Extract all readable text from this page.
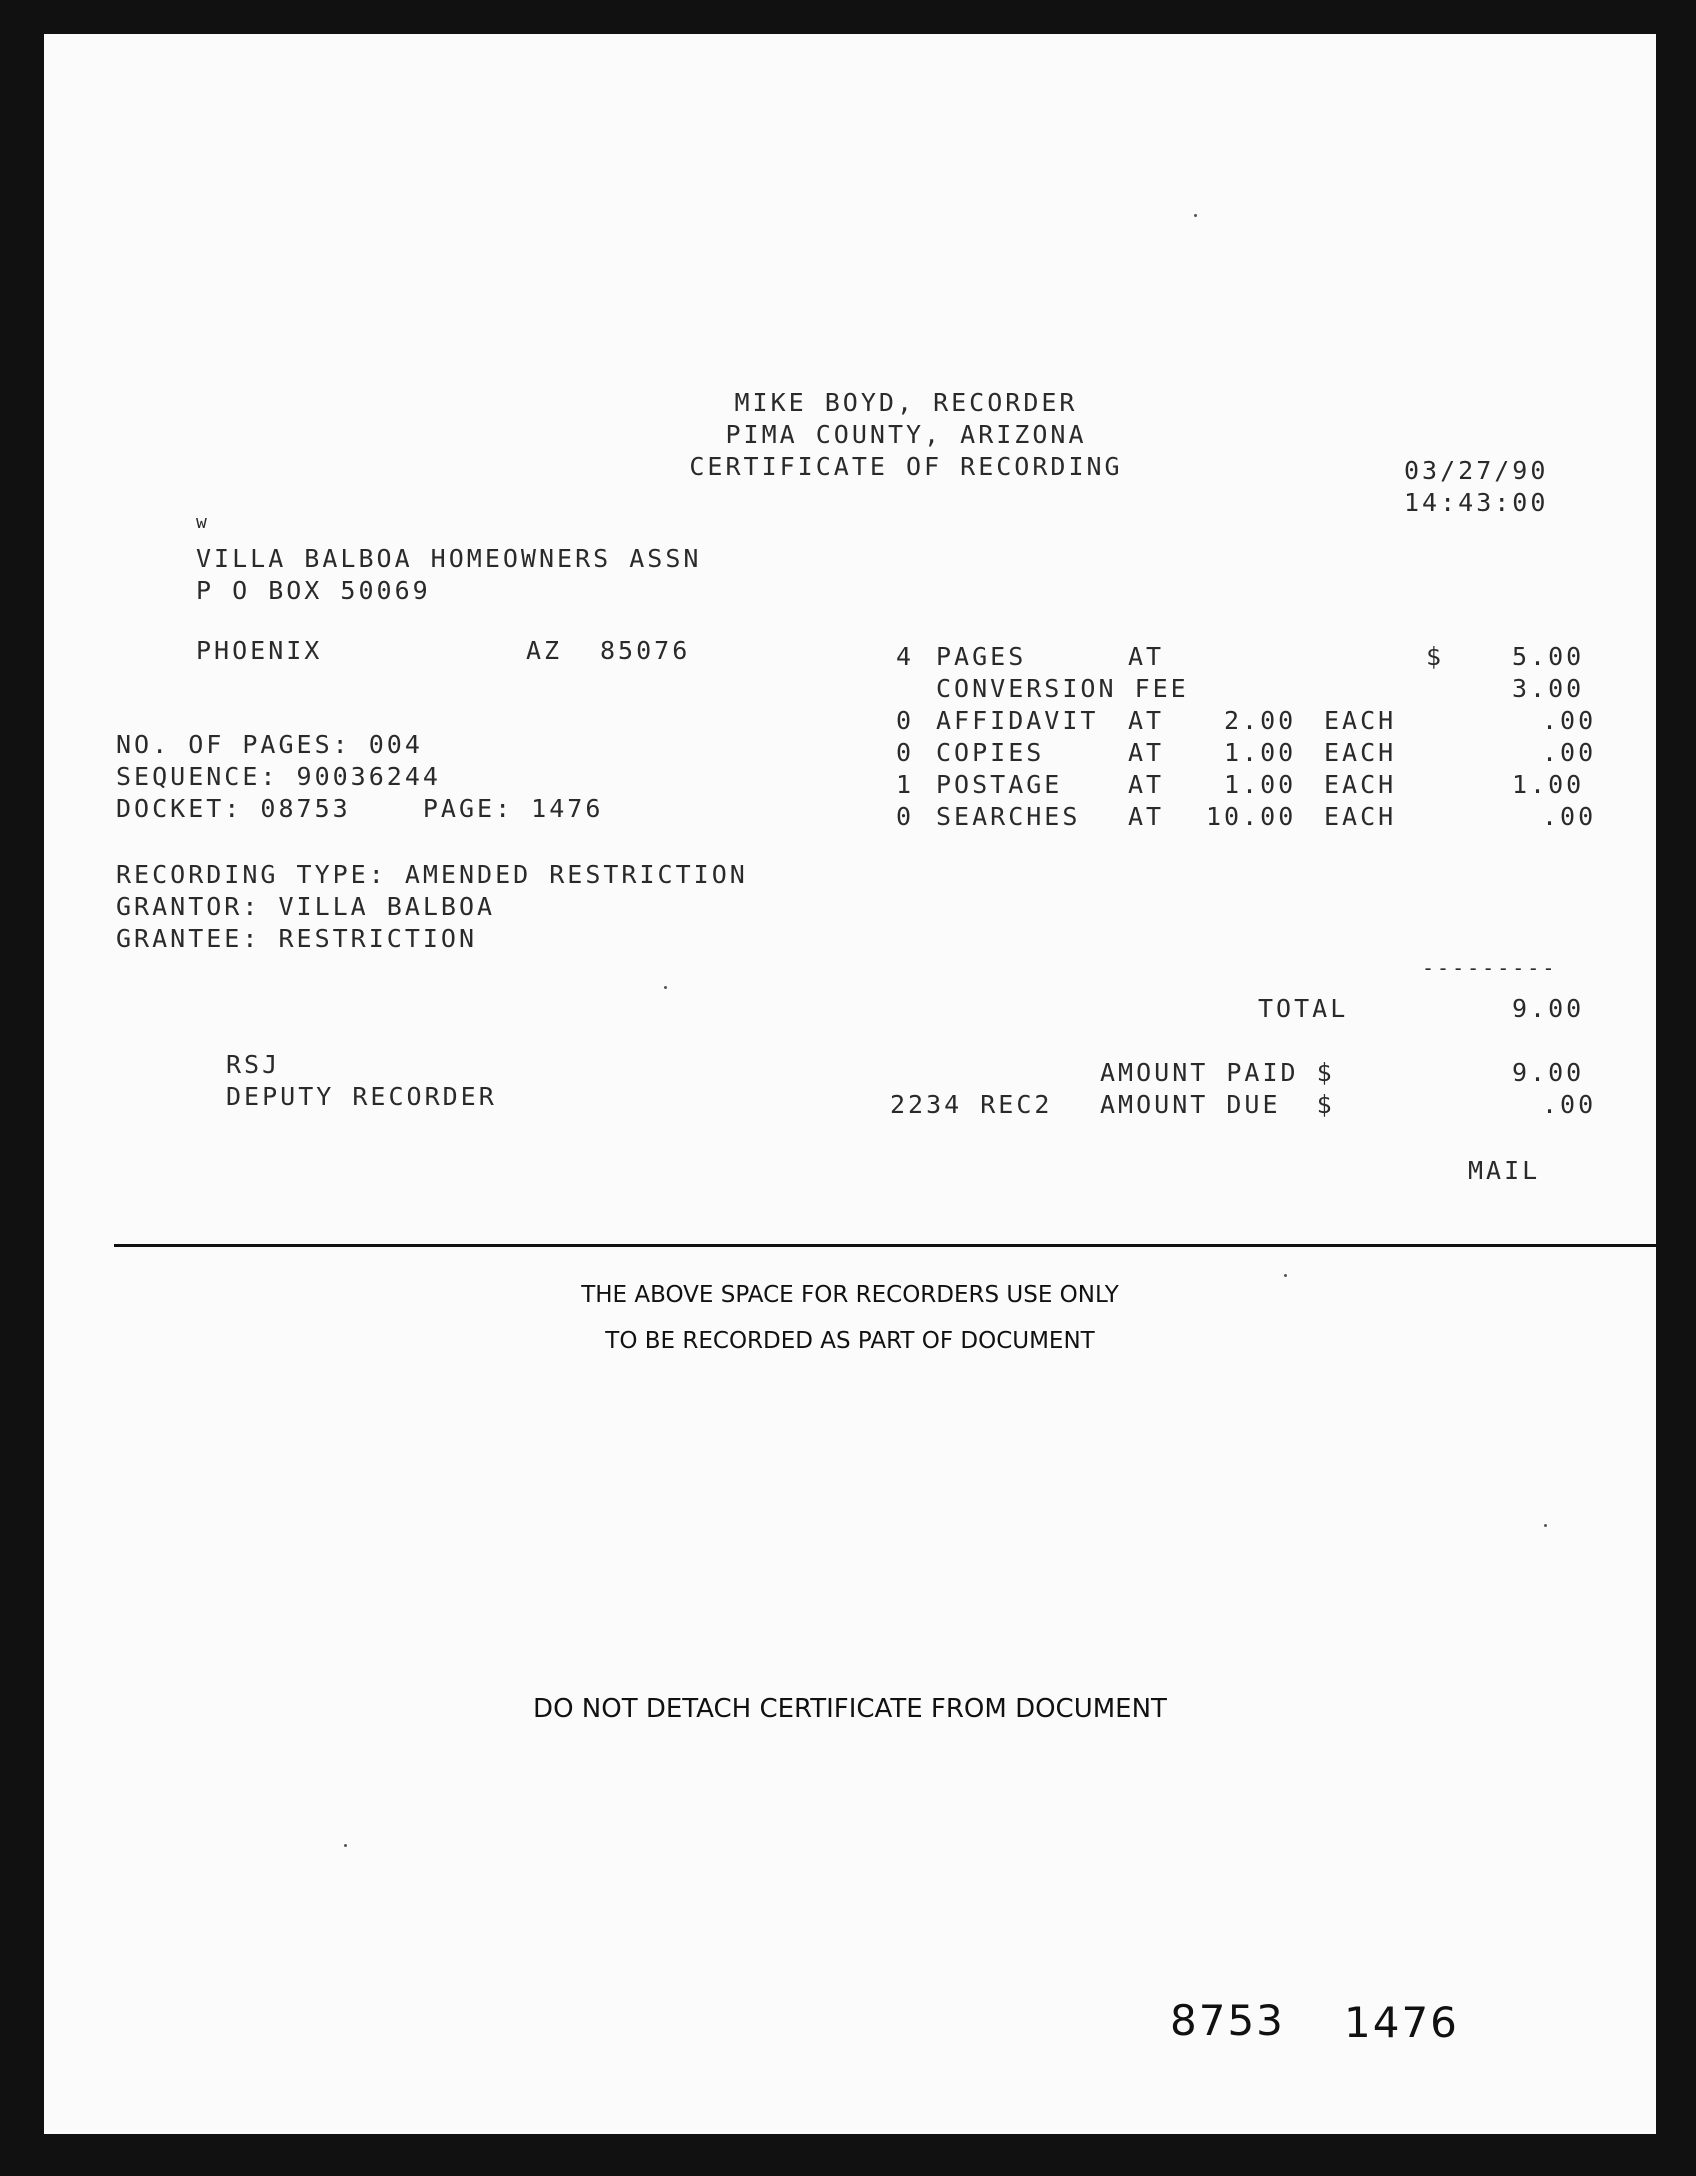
MIKE BOYD, RECORDER
PIMA COUNTY, ARIZONA
CERTIFICATE OF RECORDING	03/27/90
14:43:00
w
VILLA BALBOA HOMEOWNERS ASSN
P O BOX 50069
PHOENIX	AZ 85076
NO. OF PAGES: 004
SEQUENCE: 90036244
DOCKET: 08753    PAGE: 1476
RECORDING TYPE: AMENDED RESTRICTION
GRANTOR: VILLA BALBOA
GRANTEE: RESTRICTION
4 PAGES	AT	$	5.00
CONVERSION FEE	3.00
0 AFFIDAVIT AT 2.00 EACH	.00
0 COPIES	AT 1.00 EACH	.00
1 POSTAGE	AT 1.00 EACH	1.00
0 SEARCHES AT 10.00 EACH	.00
---------
TOTAL	9.00
RSJ
DEPUTY RECORDER
AMOUNT PAID $	9.00
2234 REC2 AMOUNT DUE  $	.00
MAIL
THE ABOVE SPACE FOR RECORDERS USE ONLY
TO BE RECORDED AS PART OF DOCUMENT
DO NOT DETACH CERTIFICATE FROM DOCUMENT
8753 1476
